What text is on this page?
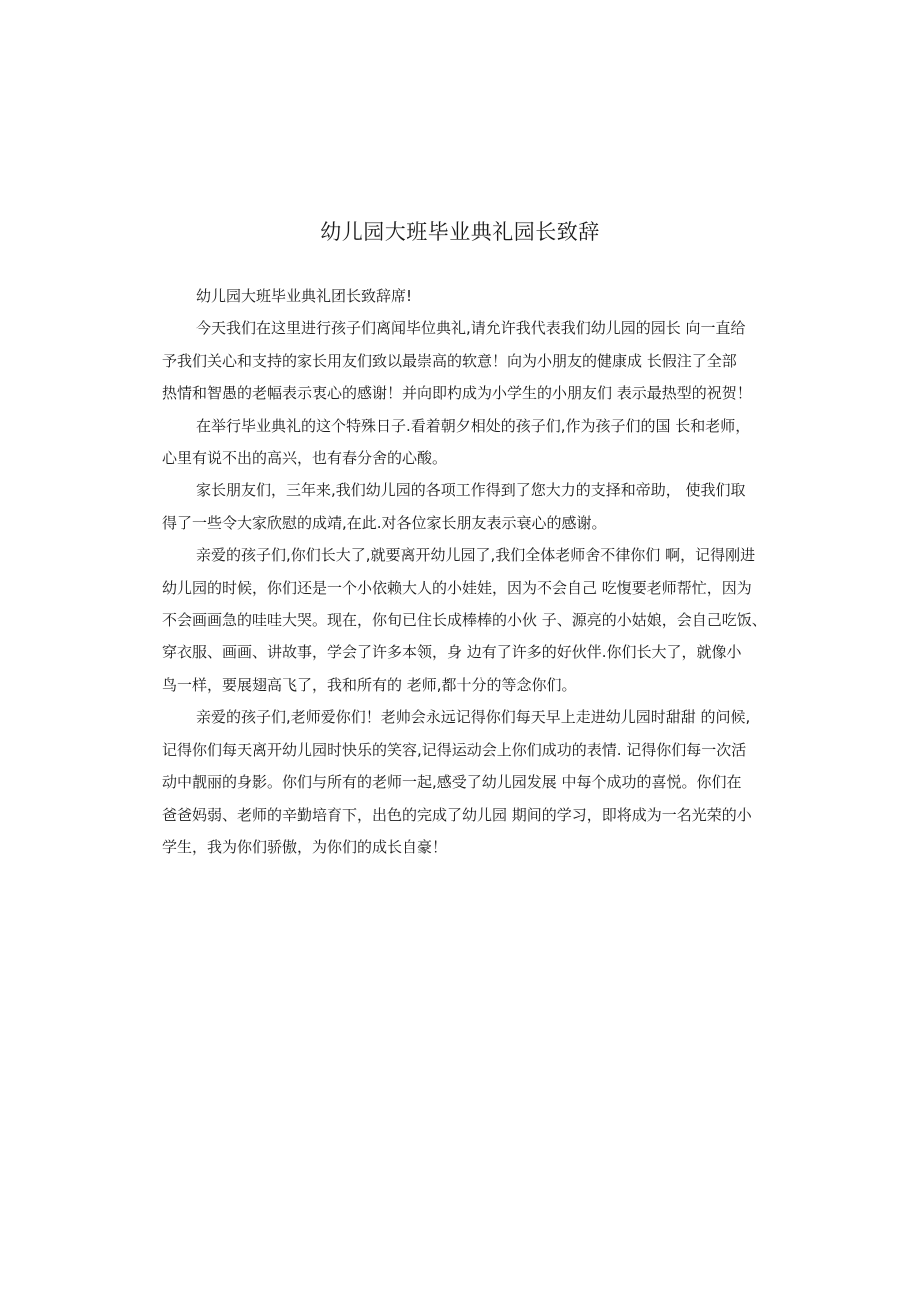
幼儿园大班毕业典礼园长致辞

幼儿园大班毕业典礼团长致辞席!

今天我们在这里进行孩子们离闻毕位典礼,请允许我代表我们幼儿园的园长 向一直给

予我们关心和支持的家长用友们致以最崇高的软意！向为小朋友的健康成 长假注了全部

热情和智愚的老幅表示衷心的感谢！并向即杓成为小学生的小朋友们 表示最热型的祝贺！

在举行毕业典礼的这个特殊日子.看着朝夕相处的孩子们,作为孩子们的国 长和老师，

心里有说不出的高兴，也有春分舍的心酸。

家长朋友们，三年来,我们幼儿园的各项工作得到了您大力的支择和帝助， 使我们取

得了一些令大家欣慰的成靖,在此.对各位家长朋友表示衰心的感谢。

亲爱的孩子们,你们长大了,就要离开幼儿园了,我们全体老师舍不律你们 啊，记得刚进

幼儿园的时候，你们还是一个小依赖大人的小娃娃，因为不会自己 吃愎要老师帮忙，因为

不会画画急的哇哇大哭。现在，你旬已住长成棒棒的小伙 子、源亮的小姑娘，会自己吃饭、

穿衣服、画画、讲故事，学会了许多本领，身 边有了许多的好伙伴.你们长大了，就像小

鸟一样，要展翅高飞了，我和所有的 老师,都十分的等念你们。

亲爱的孩子们,老师爱你们！老帅会永远记得你们每天早上走进幼儿园时甜甜 的问候,

记得你们每天离开幼儿园时快乐的笑容,记得运动会上你们成功的表情. 记得你们每一次活

动中靓丽的身影。你们与所有的老师一起,感受了幼儿园发展 中每个成功的喜悦。你们在

爸爸妈弱、老师的辛勤培育下，出色的完成了幼儿园 期间的学习，即将成为一名光荣的小

学生，我为你们骄傲，为你们的成长自豪！
